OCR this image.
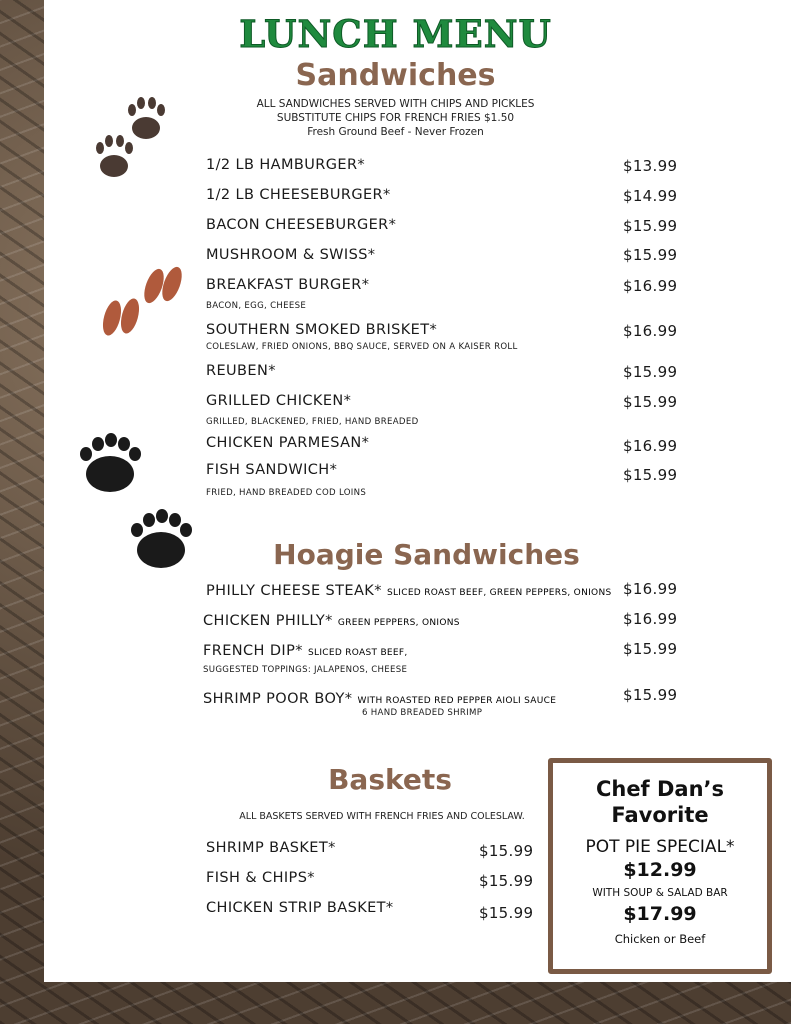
LUNCH MENU
Sandwiches
ALL SANDWICHES SERVED WITH CHIPS AND PICKLES
SUBSTITUTE CHIPS FOR FRENCH FRIES $1.50
Fresh Ground Beef - Never Frozen
1/2 LB HAMBURGER*	$13.99
1/2 LB CHEESEBURGER*	$14.99
BACON CHEESEBURGER*	$15.99
MUSHROOM & SWISS*	$15.99
BREAKFAST BURGER*	$16.99
BACON, EGG, CHEESE
SOUTHERN SMOKED BRISKET*	$16.99
COLESLAW, FRIED ONIONS, BBQ SAUCE, SERVED ON A KAISER ROLL
REUBEN*	$15.99
GRILLED CHICKEN*	$15.99
GRILLED, BLACKENED, FRIED, HAND BREADED
CHICKEN PARMESAN*	$16.99
FISH SANDWICH*	$15.99
FRIED, HAND BREADED COD LOINS
Hoagie Sandwiches
PHILLY CHEESE STEAK* SLICED ROAST BEEF, GREEN PEPPERS, ONIONS $16.99
CHICKEN PHILLY* GREEN PEPPERS, ONIONS	$16.99
FRENCH DIP* SLICED ROAST BEEF,	$15.99
SUGGESTED TOPPINGS: JALAPENOS, CHEESE
SHRIMP POOR BOY* WITH ROASTED RED PEPPER AIOLI SAUCE	$15.99
6 HAND BREADED SHRIMP
Baskets
ALL BASKETS SERVED WITH FRENCH FRIES AND COLESLAW.
SHRIMP BASKET*	$15.99
FISH & CHIPS*	$15.99
CHICKEN STRIP BASKET*	$15.99
Chef Dan’s
Favorite
POT PIE SPECIAL*
$12.99
WITH SOUP & SALAD BAR
$17.99
Chicken or Beef
